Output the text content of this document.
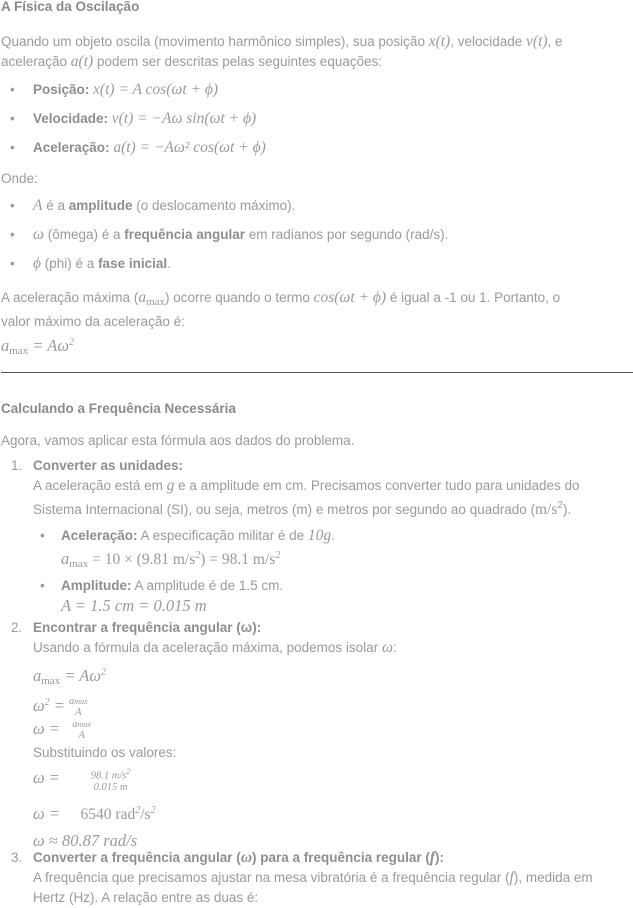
A Física da Oscilação

Quando um objeto oscila (movimento harmônico simples), sua posição x(t), velocidade v(t), e
aceleração a(t) podem ser descritas pelas seguintes equações:

• Posição: x(t) = A cos(ωt + ϕ)
• Velocidade: v(t) = −Aω sin(ωt + ϕ)
• Aceleração: a(t) = −Aω² cos(ωt + ϕ)

Onde:

• A é a amplitude (o deslocamento máximo).
• ω (ômega) é a frequência angular em radianos por segundo (rad/s).
• ϕ (phi) é a fase inicial.

A aceleração máxima $(a_{max})$ ocorre quando o termo cos(ωt + ϕ) é igual a -1 ou 1. Portanto, o
valor máximo da aceleração é:

$a_{max} = A\omega^2$
Calculando a Frequência Necessária

Agora, vamos aplicar esta fórmula aos dados do problema.

1. Converter as unidades:

A aceleração está em g e a amplitude em cm. Precisamos converter tudo para unidades do

Sistema Internacional (SI), ou seja, metros (m) e metros por segundo ao quadrado $(m/s^2)$.

• Aceleração: A especificação militar é de 10g.
$a_{max} = 10 \times (9.81$ $m/s^2) = 98.1$ $m/s^2$
• Amplitude: A amplitude é de 1.5 cm.
A = 1.5 cm = 0.015 m
2. Encontrar a frequência angular (ω):

Usando a fórmula da aceleração máxima, podemos isolar ω:

$a_{max} = A\omega^2$
$\omega^2 = amax$
A
ω = amax
A

Substituindo os valores:

ω = 98.1 $m/s^2$
0.015 m
ω =     6540 $rad^2/s^2$
ω ≈ 80.87 rad/s
3. Converter a frequência angular (ω) para a frequência regular (f):

A frequência que precisamos ajustar na mesa vibratória é a frequência regular (f), medida em

Hertz (Hz). A relação entre as duas é:
